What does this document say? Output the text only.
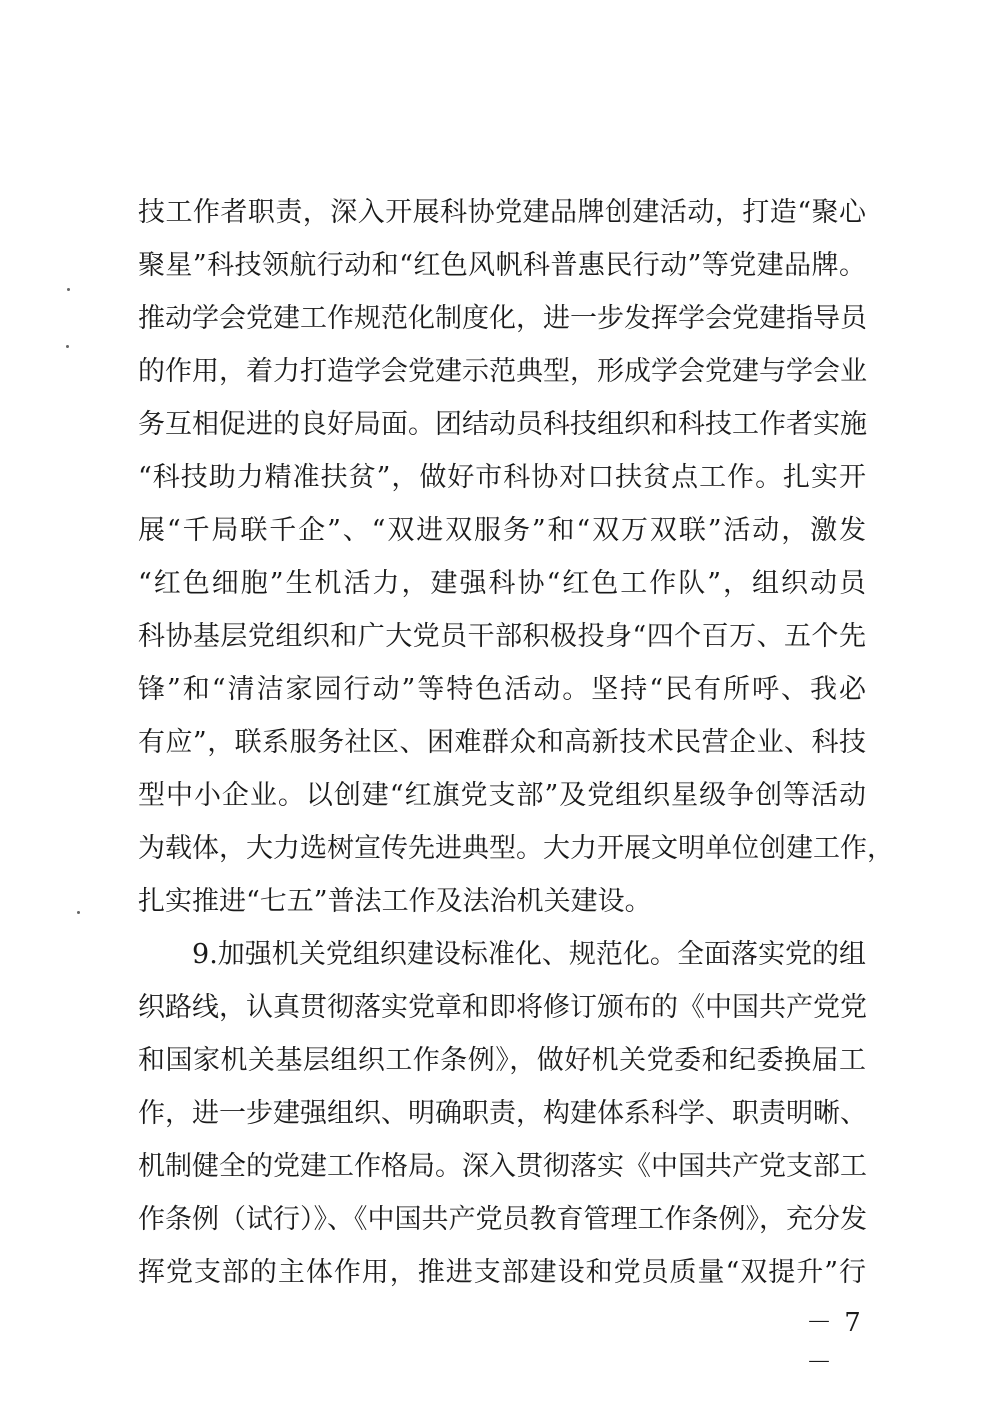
技工作者职责，深入开展科协党建品牌创建活动，打造“聚心
聚星”科技领航行动和“红色风帆科普惠民行动”等党建品牌。
推动学会党建工作规范化制度化，进一步发挥学会党建指导员
的作用，着力打造学会党建示范典型，形成学会党建与学会业
务互相促进的良好局面。团结动员科技组织和科技工作者实施
“科技助力精准扶贫”，做好市科协对口扶贫点工作。扎实开
展“千局联千企”、“双进双服务”和“双万双联”活动，激发
“红色细胞”生机活力，建强科协“红色工作队”，组织动员
科协基层党组织和广大党员干部积极投身“四个百万、五个先
锋”和“清洁家园行动”等特色活动。坚持“民有所呼、我必
有应”，联系服务社区、困难群众和高新技术民营企业、科技
型中小企业。以创建“红旗党支部”及党组织星级争创等活动
为载体，大力选树宣传先进典型。大力开展文明单位创建工作，
扎实推进“七五”普法工作及法治机关建设。
　　9.加强机关党组织建设标准化、规范化。全面落实党的组
织路线，认真贯彻落实党章和即将修订颁布的《中国共产党党
和国家机关基层组织工作条例》，做好机关党委和纪委换届工
作，进一步建强组织、明确职责，构建体系科学、职责明晰、
机制健全的党建工作格局。深入贯彻落实《中国共产党支部工
作条例（试行）》、《中国共产党员教育管理工作条例》，充分发
挥党支部的主体作用，推进支部建设和党员质量“双提升”行
－ 7 －
